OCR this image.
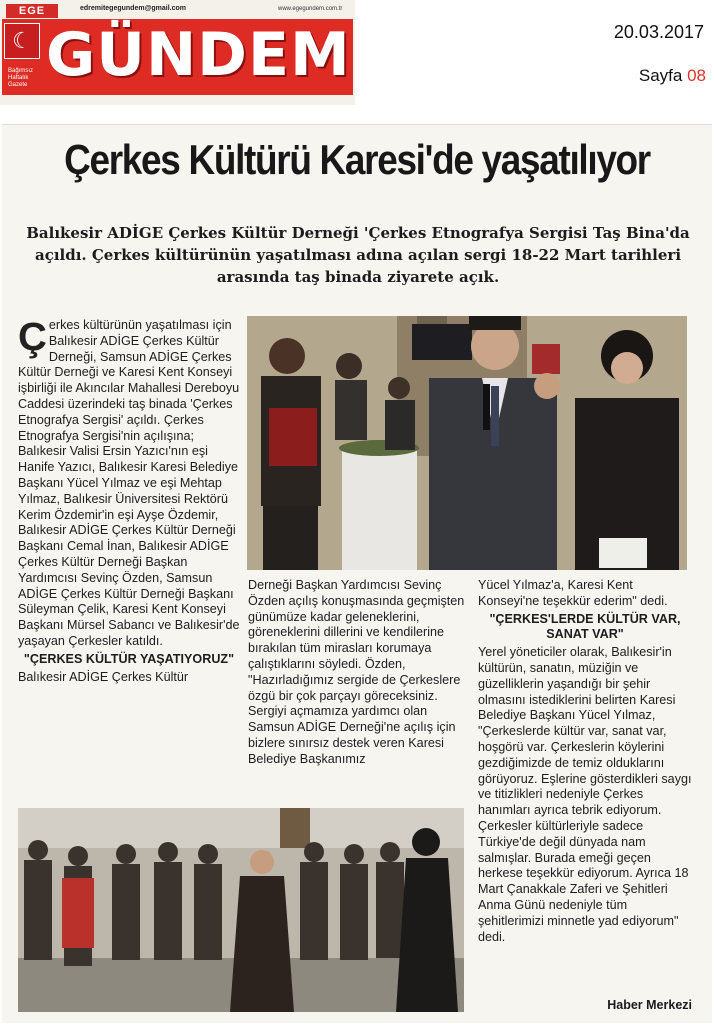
EGE	edremitegegundem@gmail.com	www.egegundem.com.tr
☾ GÜNDEM
Bağımsız Haftalık Gazete
20.03.2017
Sayfa 08
Çerkes Kültürü Karesi'de yaşatılıyor
Balıkesir ADİGE Çerkes Kültür Derneği 'Çerkes Etnografya Sergisi Taş Bina'da açıldı. Çerkes kültürünün yaşatılması adına açılan sergi 18-22 Mart tarihleri arasında taş binada ziyarete açık.
Ç erkes kültürünün yaşatılması için Balıkesir ADİGE Çerkes Kültür Derneği, Samsun ADİGE Çerkes Kültür Derneği ve Karesi Kent Konseyi işbirliği ile Akıncılar Mahallesi Dereboyu Caddesi üzerindeki taş binada 'Çerkes Etnografya Sergisi' açıldı. Çerkes Etnografya Sergisi'nin açılışına; Balıkesir Valisi Ersin Yazıcı'nın eşi Hanife Yazıcı, Balıkesir Karesi Belediye Başkanı Yücel Yılmaz ve eşi Mehtap Yılmaz, Balıkesir Üniversitesi Rektörü Kerim Özdemir'in eşi Ayşe Özdemir, Balıkesir ADİGE Çerkes Kültür Derneği Başkanı Cemal İnan, Balıkesir ADİGE Çerkes Kültür Derneği Başkan Yardımcısı Sevinç Özden, Samsun ADİGE Çerkes Kültür Derneği Başkanı Süleyman Çelik, Karesi Kent Konseyi Başkanı Mürsel Sabancı ve Balıkesir'de yaşayan Çerkesler katıldı.

"ÇERKES KÜLTÜR YAŞATIYORUZ"

Balıkesir ADİGE Çerkes Kültür

Derneği Başkan Yardımcısı Sevinç Özden açılış konuşmasında geçmişten günümüze kadar geleneklerini, göreneklerini dillerini ve kendilerine bırakılan tüm mirasları korumaya çalıştıklarını söyledi. Özden, "Hazırladığımız sergide de Çerkeslere özgü bir çok parçayı göreceksiniz. Sergiyi açmamıza yardımcı olan Samsun ADİGE Derneği'ne açılış için bizlere sınırsız destek veren Karesi Belediye Başkanımız

Yücel Yılmaz'a, Karesi Kent Konseyi'ne teşekkür ederim" dedi.

"ÇERKES'LERDE KÜLTÜR VAR, SANAT VAR"

Yerel yöneticiler olarak, Balıkesir'in kültürün, sanatın, müziğin ve güzelliklerin yaşandığı bir şehir olmasını istediklerini belirten Karesi Belediye Başkanı Yücel Yılmaz, "Çerkeslerde kültür var, sanat var, hoşgörü var. Çerkeslerin köylerini gezdiğimizde de temiz olduklarını görüyoruz. Eşlerine gösterdikleri saygı ve titizlikleri nedeniyle Çerkes hanımları ayrıca tebrik ediyorum. Çerkesler kültürleriyle sadece Türkiye'de değil dünyada nam salmışlar. Burada emeği geçen herkese teşekkür ediyorum. Ayrıca 18 Mart Çanakkale Zaferi ve Şehitleri Anma Günü nedeniyle tüm şehitlerimizi minnetle yad ediyorum" dedi.

Haber Merkezi
